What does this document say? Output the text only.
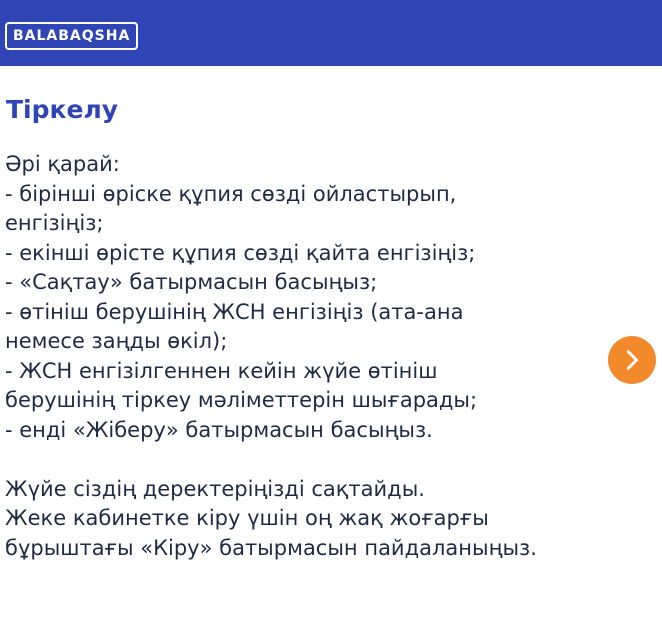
BALABAQSHA
Тіркелу
Әрі қарай:
- бірінші өріске құпия сөзді ойластырып,
енгізіңіз;
- екінші өрісте құпия сөзді қайта енгізіңіз;
- «Сақтау» батырмасын басыңыз;
- өтініш берушінің ЖСН енгізіңіз (ата-ана
немесе заңды өкіл);
- ЖСН енгізілгеннен кейін жүйе өтініш
берушінің тіркеу мәліметтерін шығарады;
- енді «Жіберу» батырмасын басыңыз.
Жүйе сіздің деректеріңізді сақтайды.
Жеке кабинетке кіру үшін оң жақ жоғарғы
бұрыштағы «Кіру» батырмасын пайдаланыңыз.
